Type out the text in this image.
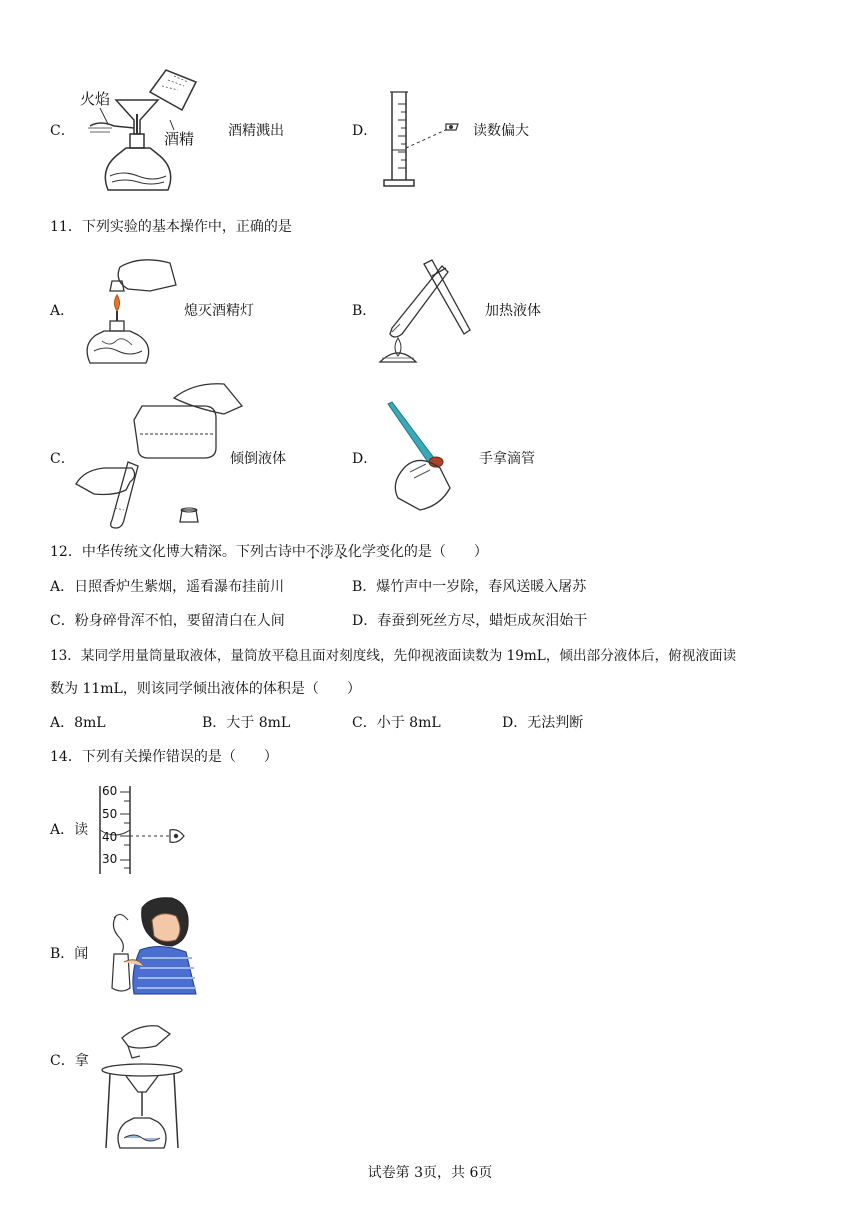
C．
火焰
酒精 酒精溅出	D．	读数偏大
11．下列实验的基本操作中，正确的是
A．	熄灭酒精灯	B．	加热液体
C．	倾倒液体	D．	手拿滴管
12．中华传统文化博大精深。下列古诗中不涉及化学变化的是（　　）
A．日照香炉生紫烟，遥看瀑布挂前川	B．爆竹声中一岁除，春风送暖入屠苏
C．粉身碎骨浑不怕，要留清白在人间	D．春蚕到死丝方尽，蜡炬成灰泪始干
13．某同学用量筒量取液体，量筒放平稳且面对刻度线，先仰视液面读数为 19mL，倾出部分液体后，俯视液面读
数为 11mL，则该同学倾出液体的体积是（　　）
A．8mL	B．大于 8mL	C．小于 8mL	D．无法判断
14．下列有关操作错误的是（　　）
A．读
60
50
40
30
B．闻
C．拿
试卷第 3页，共 6页
